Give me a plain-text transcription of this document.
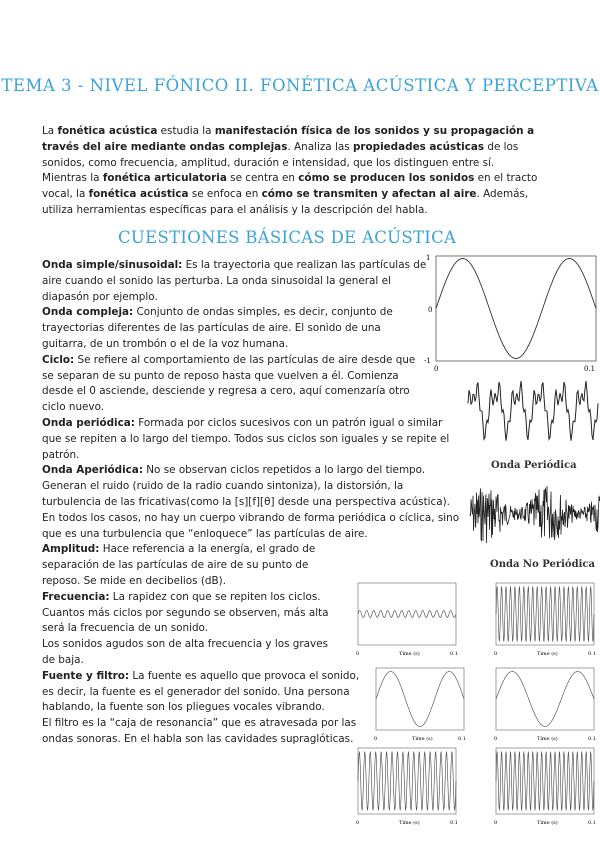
TEMA 3 - NIVEL FÓNICO II. FONÉTICA ACÚSTICA Y PERCEPTIVA
La fonética acústica estudia la manifestación física de los sonidos y su propagación a través del aire mediante ondas complejas. Analiza las propiedades acústicas de los sonidos, como frecuencia, amplitud, duración e intensidad, que los distinguen entre sí.
Mientras la fonética articulatoria se centra en cómo se producen los sonidos en el tracto vocal, la fonética acústica se enfoca en cómo se transmiten y afectan al aire. Además, utiliza herramientas específicas para el análisis y la descripción del habla.
CUESTIONES BÁSICAS DE ACÚSTICA
Onda simple/sinusoidal: Es la trayectoria que realizan las partículas de aire cuando el sonido las perturba. La onda sinusoidal la general el diapasón por ejemplo.
Onda compleja: Conjunto de ondas simples, es decir, conjunto de trayectorias diferentes de las partículas de aire. El sonido de una guitarra, de un trombón o el de la voz humana.
Ciclo: Se refiere al comportamiento de las partículas de aire desde que se separan de su punto de reposo hasta que vuelven a él. Comienza desde el 0 asciende, desciende y regresa a cero, aquí comenzaría otro ciclo nuevo.
Onda periódica: Formada por ciclos sucesivos con un patrón igual o similar que se repiten a lo largo del tiempo. Todos sus ciclos son iguales y se repite el patrón.
Onda Aperiódica: No se observan ciclos repetidos a lo largo del tiempo. Generan el ruido (ruido de la radio cuando sintoniza), la distorsión, la turbulencia de las fricativas(como la [s][f][θ] desde una perspectiva acústica). En todos los casos, no hay un cuerpo vibrando de forma periódica o cíclica, sino que es una turbulencia que “enloquece” las partículas de aire.
Amplitud: Hace referencia a la energía, el grado de separación de las partículas de aire de su punto de reposo. Se mide en decibelios (dB).
Frecuencia: La rapidez con que se repiten los ciclos. Cuantos más ciclos por segundo se observen, más alta será la frecuencia de un sonido.
Los sonidos agudos son de alta frecuencia y los graves de baja.
Fuente y filtro: La fuente es aquello que provoca el sonido, es decir, la fuente es el generador del sonido. Una persona hablando, la fuente son los pliegues vocales vibrando.
El filtro es la “caja de resonancia” que es atravesada por las ondas sonoras. En el habla son las cavidades supraglóticas.
1
0
-1
0	0.1
Onda Periódica
Onda No Periódica
0	0.1
Time (s)	0	0.1
Time (s)
0	0.1
Time (s)	0	0.1
Time (s)
0	0.1
Time (s)	0	0.1
Time (s)
